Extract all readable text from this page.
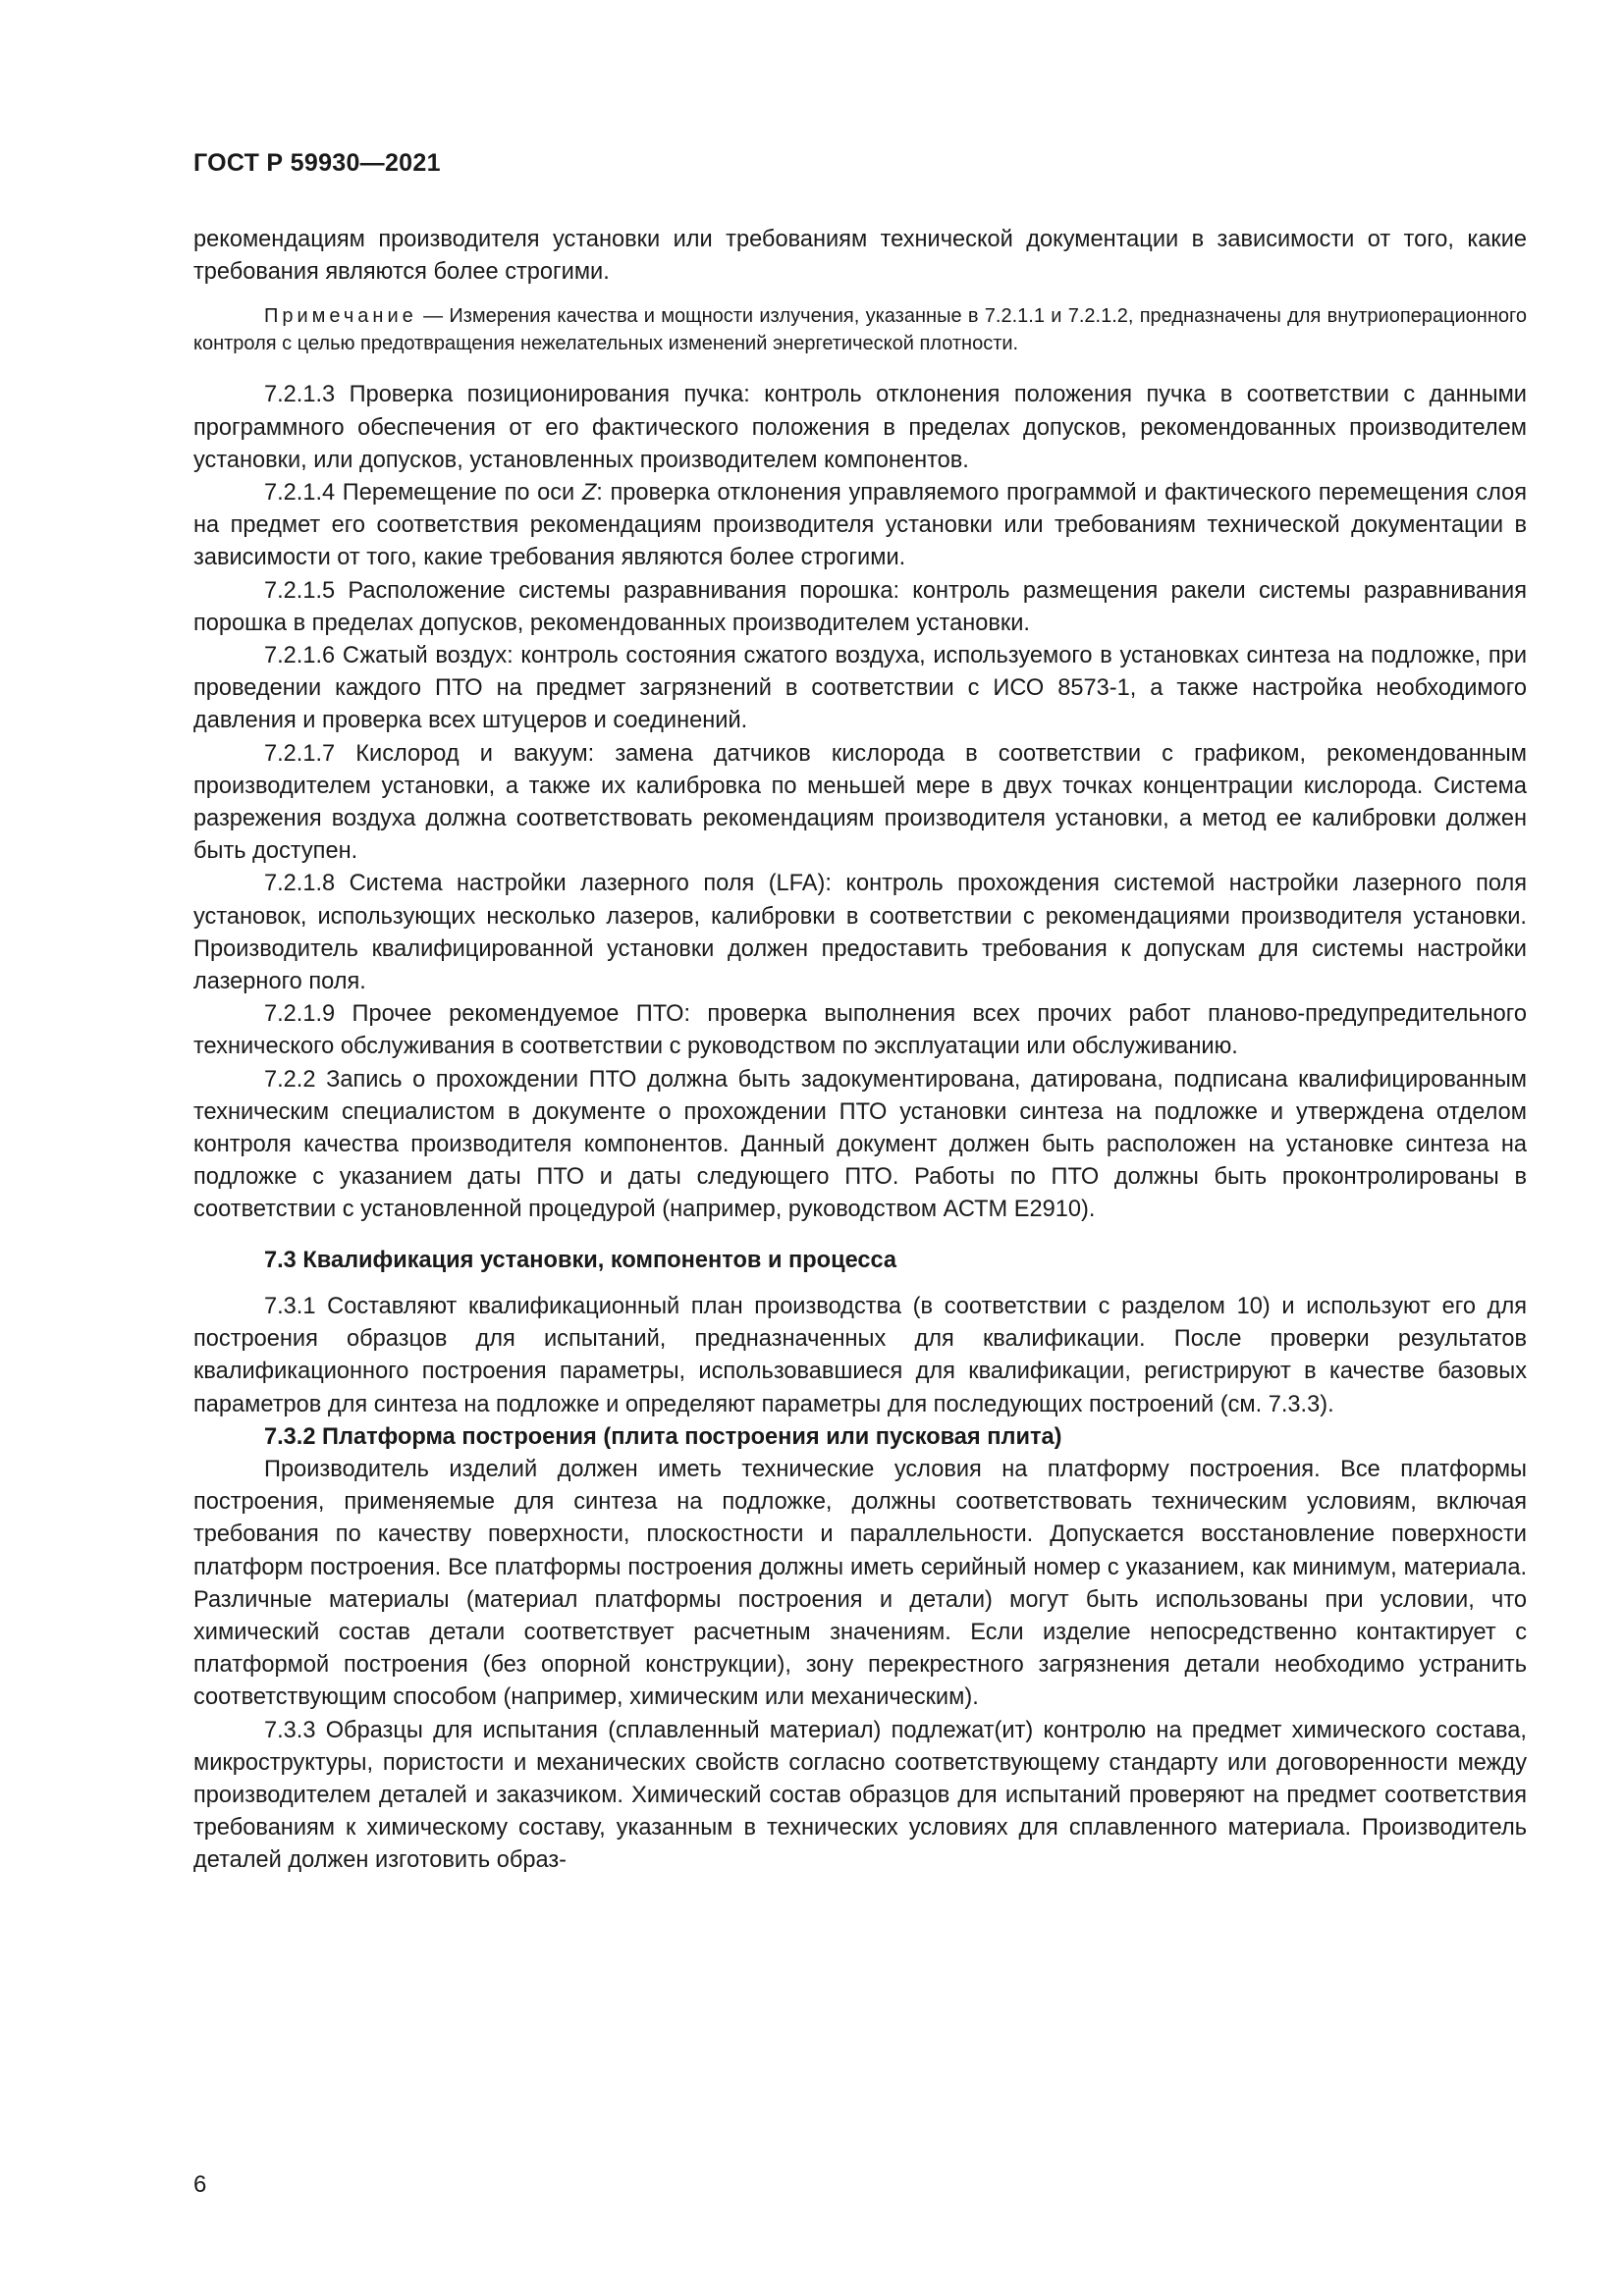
ГОСТ Р 59930—2021

рекомендациям производителя установки или требованиям технической документации в зависимости от того, какие требования являются более строгими.

Примечание — Измерения качества и мощности излучения, указанные в 7.2.1.1 и 7.2.1.2, предназначены для внутриоперационного контроля с целью предотвращения нежелательных изменений энергетической плотности.

7.2.1.3 Проверка позиционирования пучка: контроль отклонения положения пучка в соответствии с данными программного обеспечения от его фактического положения в пределах допусков, рекомендованных производителем установки, или допусков, установленных производителем компонентов.

7.2.1.4 Перемещение по оси Z: проверка отклонения управляемого программой и фактического перемещения слоя на предмет его соответствия рекомендациям производителя установки или требованиям технической документации в зависимости от того, какие требования являются более строгими.

7.2.1.5 Расположение системы разравнивания порошка: контроль размещения ракели системы разравнивания порошка в пределах допусков, рекомендованных производителем установки.

7.2.1.6 Сжатый воздух: контроль состояния сжатого воздуха, используемого в установках синтеза на подложке, при проведении каждого ПТО на предмет загрязнений в соответствии с ИСО 8573-1, а также настройка необходимого давления и проверка всех штуцеров и соединений.

7.2.1.7 Кислород и вакуум: замена датчиков кислорода в соответствии с графиком, рекомендованным производителем установки, а также их калибровка по меньшей мере в двух точках концентрации кислорода. Система разрежения воздуха должна соответствовать рекомендациям производителя установки, а метод ее калибровки должен быть доступен.

7.2.1.8 Система настройки лазерного поля (LFA): контроль прохождения системой настройки лазерного поля установок, использующих несколько лазеров, калибровки в соответствии с рекомендациями производителя установки. Производитель квалифицированной установки должен предоставить требования к допускам для системы настройки лазерного поля.

7.2.1.9 Прочее рекомендуемое ПТО: проверка выполнения всех прочих работ планово-предупредительного технического обслуживания в соответствии с руководством по эксплуатации или обслуживанию.

7.2.2 Запись о прохождении ПТО должна быть задокументирована, датирована, подписана квалифицированным техническим специалистом в документе о прохождении ПТО установки синтеза на подложке и утверждена отделом контроля качества производителя компонентов. Данный документ должен быть расположен на установке синтеза на подложке с указанием даты ПТО и даты следующего ПТО. Работы по ПТО должны быть проконтролированы в соответствии с установленной процедурой (например, руководством АСТМ Е2910).

7.3 Квалификация установки, компонентов и процесса

7.3.1 Составляют квалификационный план производства (в соответствии с разделом 10) и используют его для построения образцов для испытаний, предназначенных для квалификации. После проверки результатов квалификационного построения параметры, использовавшиеся для квалификации, регистрируют в качестве базовых параметров для синтеза на подложке и определяют параметры для последующих построений (см. 7.3.3).

7.3.2 Платформа построения (плита построения или пусковая плита)

Производитель изделий должен иметь технические условия на платформу построения. Все платформы построения, применяемые для синтеза на подложке, должны соответствовать техническим условиям, включая требования по качеству поверхности, плоскостности и параллельности. Допускается восстановление поверхности платформ построения. Все платформы построения должны иметь серийный номер с указанием, как минимум, материала. Различные материалы (материал платформы построения и детали) могут быть использованы при условии, что химический состав детали соответствует расчетным значениям. Если изделие непосредственно контактирует с платформой построения (без опорной конструкции), зону перекрестного загрязнения детали необходимо устранить соответствующим способом (например, химическим или механическим).

7.3.3 Образцы для испытания (сплавленный материал) подлежат(ит) контролю на предмет химического состава, микроструктуры, пористости и механических свойств согласно соответствующему стандарту или договоренности между производителем деталей и заказчиком. Химический состав образцов для испытаний проверяют на предмет соответствия требованиям к химическому составу, указанным в технических условиях для сплавленного материала. Производитель деталей должен изготовить образ-

6
